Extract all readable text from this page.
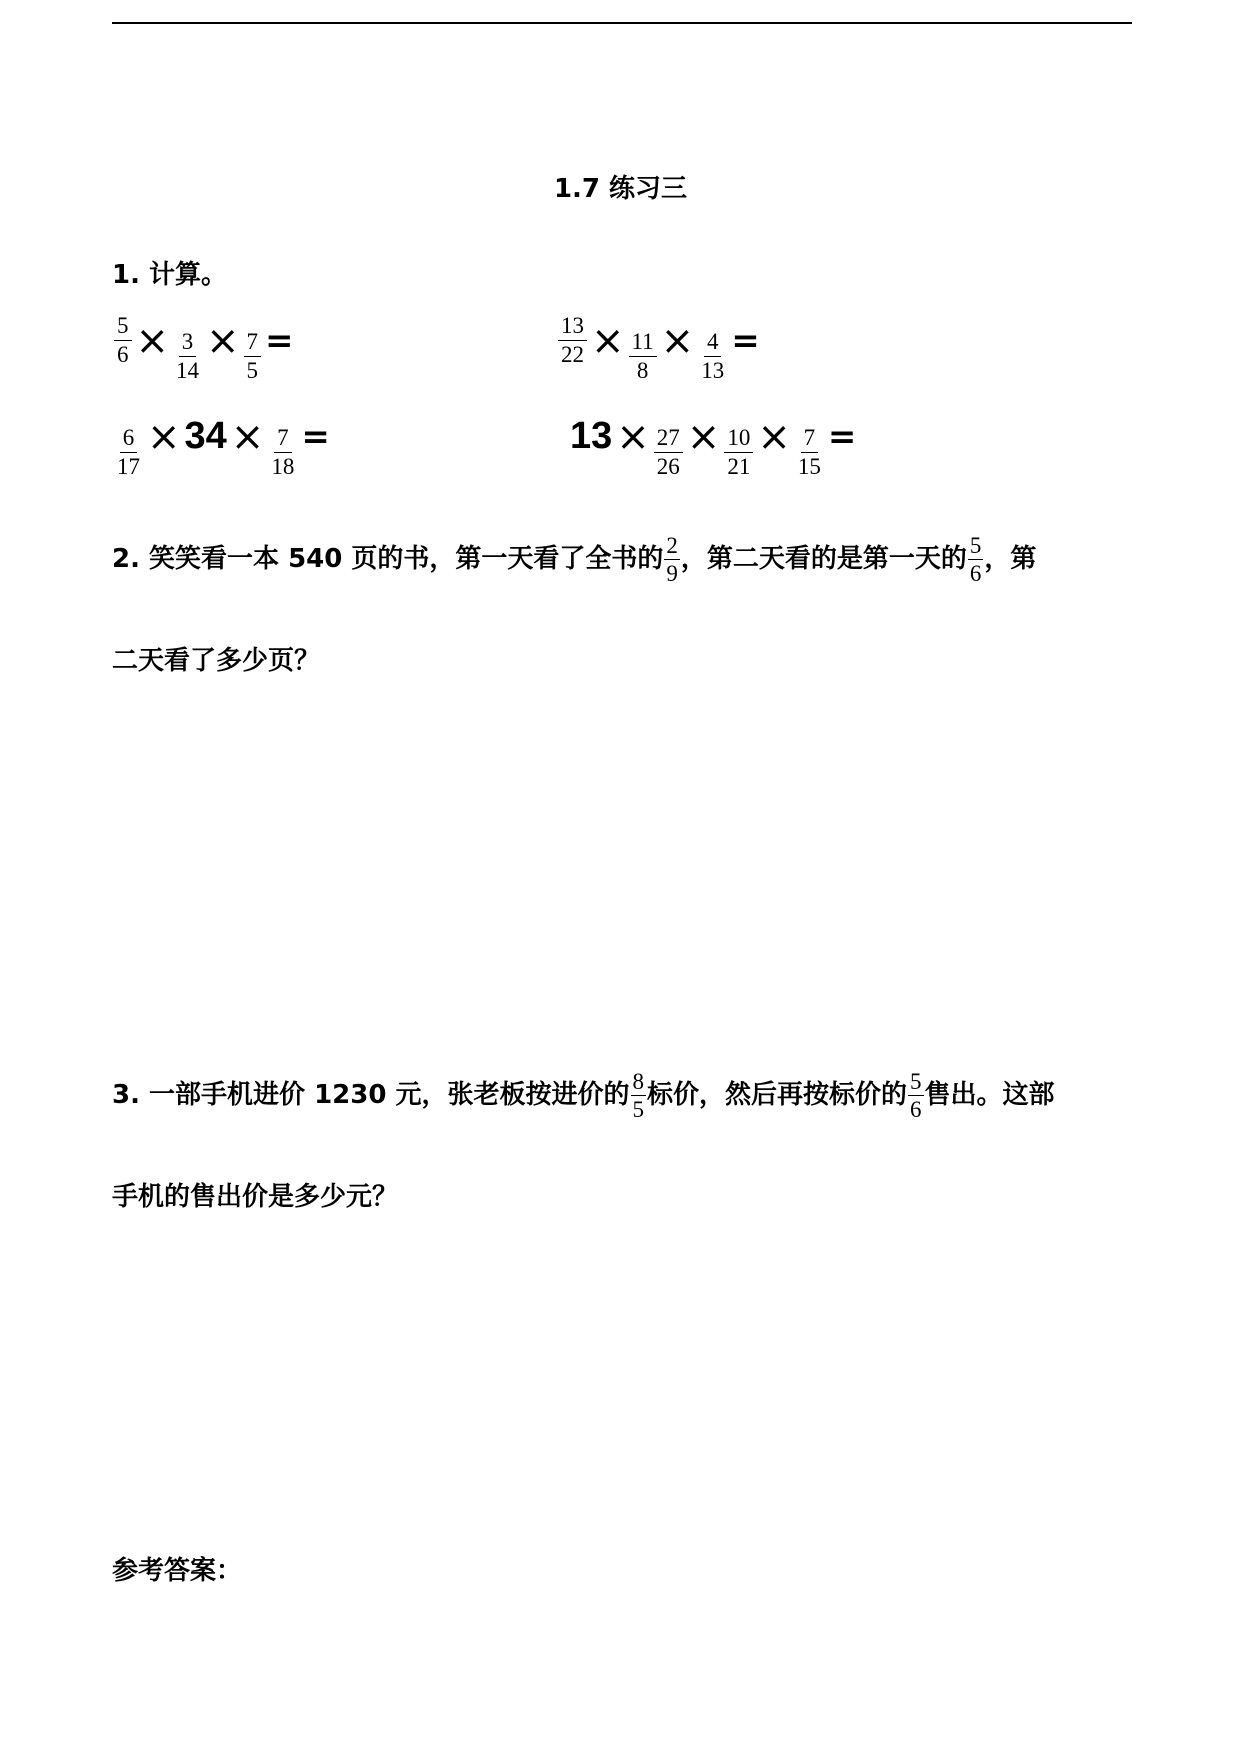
1.7 练习三
1. 计算。
$\frac{5}{6} \times \frac{3}{14} \times \frac{7}{5}$ =	$\frac{13}{22} \times \frac{11}{8} \times \frac{4}{13}$ =
$\frac{6}{17} \times 34 \times \frac{7}{18}$ =	$13 \times \frac{27}{26} \times \frac{10}{21} \times \frac{7}{15}$ =
2. 笑笑看一本 540 页的书，第一天看了全书的 $\frac{2}{9}$ ，第二天看的是第一天的 $\frac{5}{6}$ ，第
二天看了多少页？
3. 一部手机进价 1230 元，张老板按进价的 $\frac{8}{5}$ 标价，然后再按标价的 $\frac{5}{6}$ 售出。这部
手机的售出价是多少元？
参考答案：
